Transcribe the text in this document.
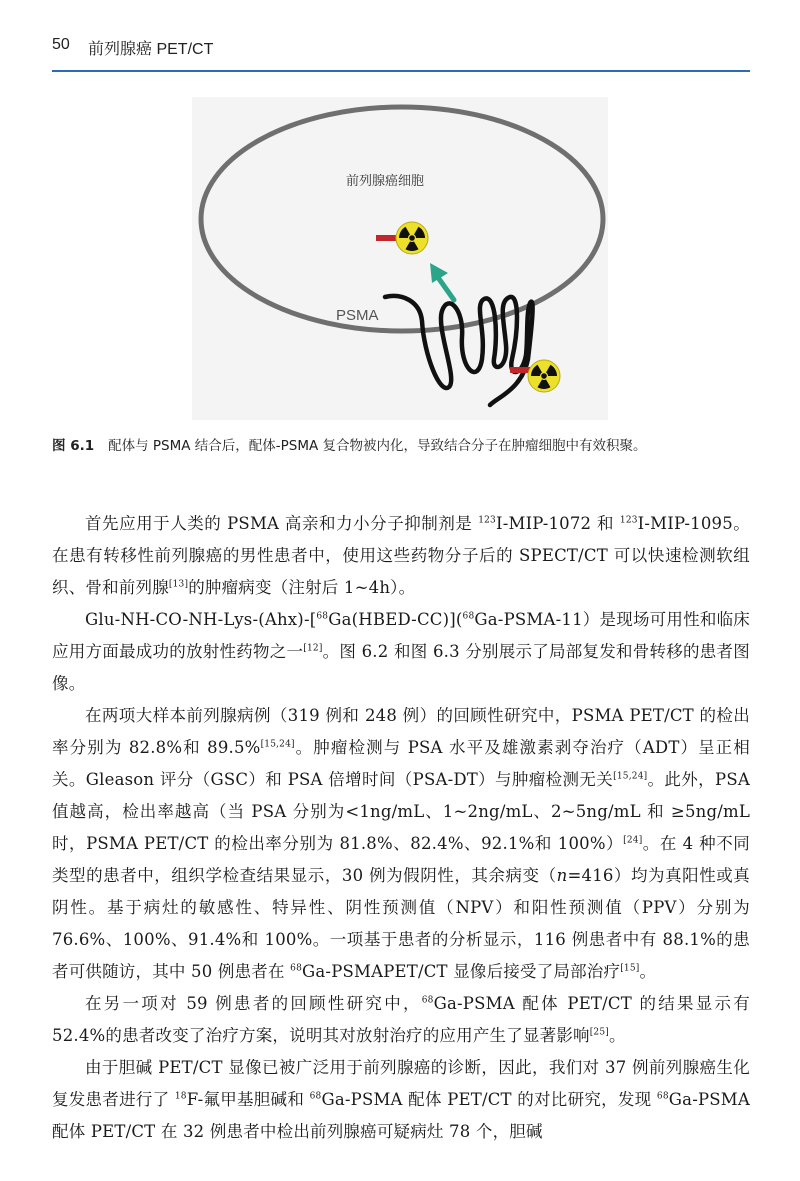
50 前列腺癌 PET/CT
前列腺癌细胞
PSMA
图 6.1 配体与 PSMA 结合后，配体-PSMA 复合物被内化，导致结合分子在肿瘤细胞中有效积聚。

首先应用于人类的 PSMA 高亲和力小分子抑制剂是 $^{123}$I-MIP-1072 和 $^{123}$I-MIP-1095。在患有转移性前列腺癌的男性患者中，使用这些药物分子后的 SPECT/CT 可以快速检测软组织、骨和前列腺[13]的肿瘤病变（注射后 1~4h）。

Glu-NH-CO-NH-Lys-(Ahx)-[$^{68}$Ga(HBED-CC)]($^{68}$Ga-PSMA-11）是现场可用性和临床应用方面最成功的放射性药物之一[12]。图 6.2 和图 6.3 分别展示了局部复发和骨转移的患者图像。

在两项大样本前列腺病例（319 例和 248 例）的回顾性研究中，PSMA PET/CT 的检出率分别为 82.8%和 89.5%[15,24]。肿瘤检测与 PSA 水平及雄激素剥夺治疗（ADT）呈正相关。Gleason 评分（GSC）和 PSA 倍增时间（PSA-DT）与肿瘤检测无关[15,24]。此外，PSA 值越高，检出率越高（当 PSA 分别为<1ng/mL、1~2ng/mL、2~5ng/mL 和 ≥5ng/mL 时，PSMA PET/CT 的检出率分别为 81.8%、82.4%、92.1%和 100%）[24]。在 4 种不同类型的患者中，组织学检查结果显示，30 例为假阴性，其余病变（n=416）均为真阳性或真阴性。基于病灶的敏感性、特异性、阴性预测值（NPV）和阳性预测值（PPV）分别为 76.6%、100%、91.4%和 100%。一项基于患者的分析显示，116 例患者中有 88.1%的患者可供随访，其中 50 例患者在 $^{68}$Ga-PSMAPET/CT 显像后接受了局部治疗[15]。

在另一项对 59 例患者的回顾性研究中，$^{68}$Ga-PSMA 配体 PET/CT 的结果显示有 52.4%的患者改变了治疗方案，说明其对放射治疗的应用产生了显著影响[25]。

由于胆碱 PET/CT 显像已被广泛用于前列腺癌的诊断，因此，我们对 37 例前列腺癌生化复发患者进行了 $^{18}$F-氟甲基胆碱和 $^{68}$Ga-PSMA 配体 PET/CT 的对比研究，发现 $^{68}$Ga-PSMA 配体 PET/CT 在 32 例患者中检出前列腺癌可疑病灶 78 个，胆碱
